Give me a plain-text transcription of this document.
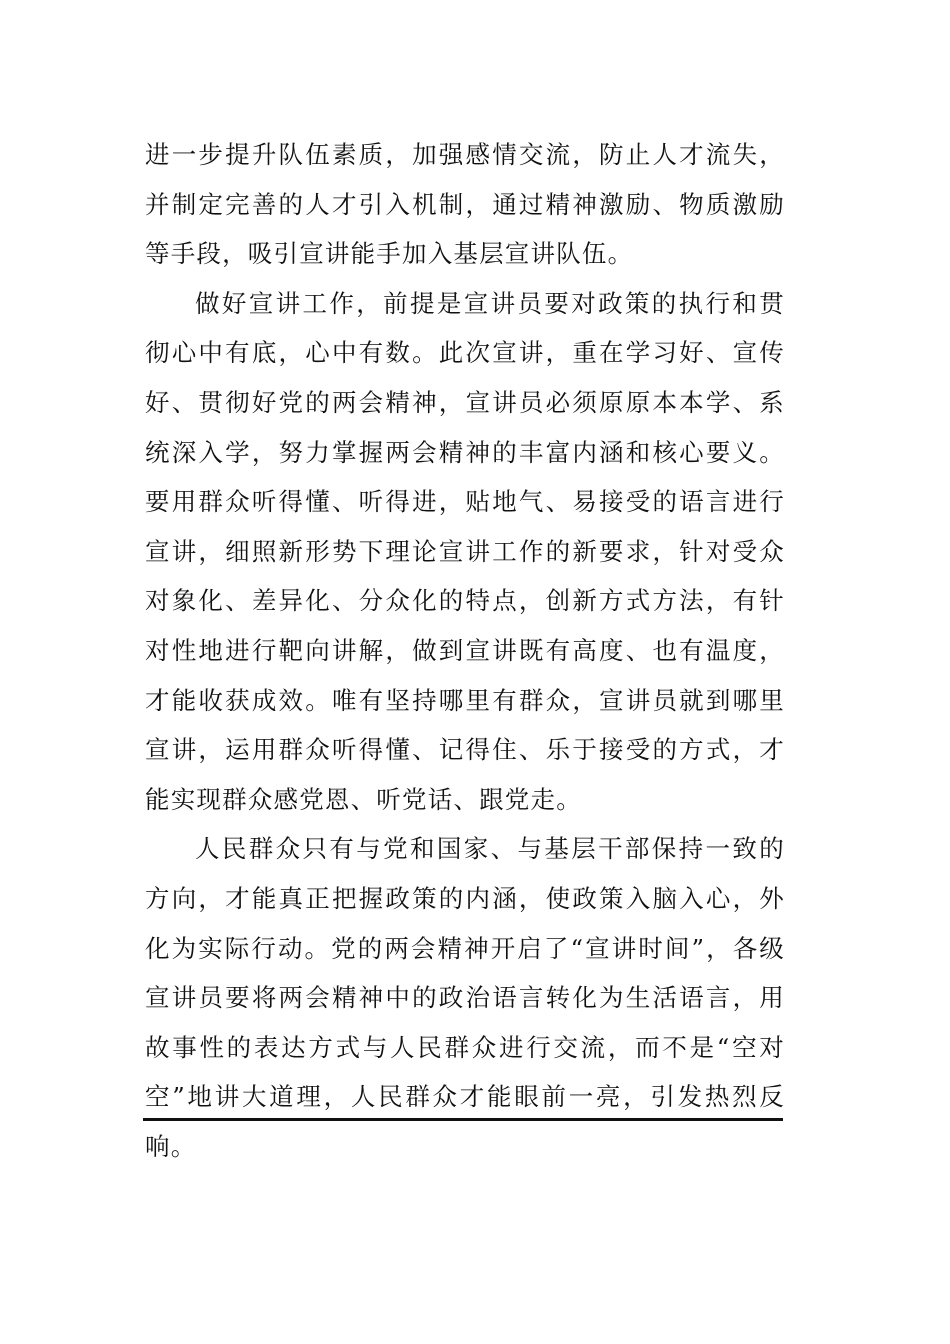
进一步提升队伍素质，加强感情交流，防止人才流失，并制定完善的人才引入机制，通过精神激励、物质激励等手段，吸引宣讲能手加入基层宣讲队伍。

做好宣讲工作，前提是宣讲员要对政策的执行和贯彻心中有底，心中有数。此次宣讲，重在学习好、宣传好、贯彻好党的两会精神，宣讲员必须原原本本学、系统深入学，努力掌握两会精神的丰富内涵和核心要义。要用群众听得懂、听得进，贴地气、易接受的语言进行宣讲，细照新形势下理论宣讲工作的新要求，针对受众对象化、差异化、分众化的特点，创新方式方法，有针对性地进行靶向讲解，做到宣讲既有高度、也有温度，才能收获成效。唯有坚持哪里有群众，宣讲员就到哪里宣讲，运用群众听得懂、记得住、乐于接受的方式，才能实现群众感党恩、听党话、跟党走。

人民群众只有与党和国家、与基层干部保持一致的方向，才能真正把握政策的内涵，使政策入脑入心，外化为实际行动。党的两会精神开启了“宣讲时间”，各级宣讲员要将两会精神中的政治语言转化为生活语言，用故事性的表达方式与人民群众进行交流，而不是“空对空”地讲大道理，人民群众才能眼前一亮，引发热烈反响。
